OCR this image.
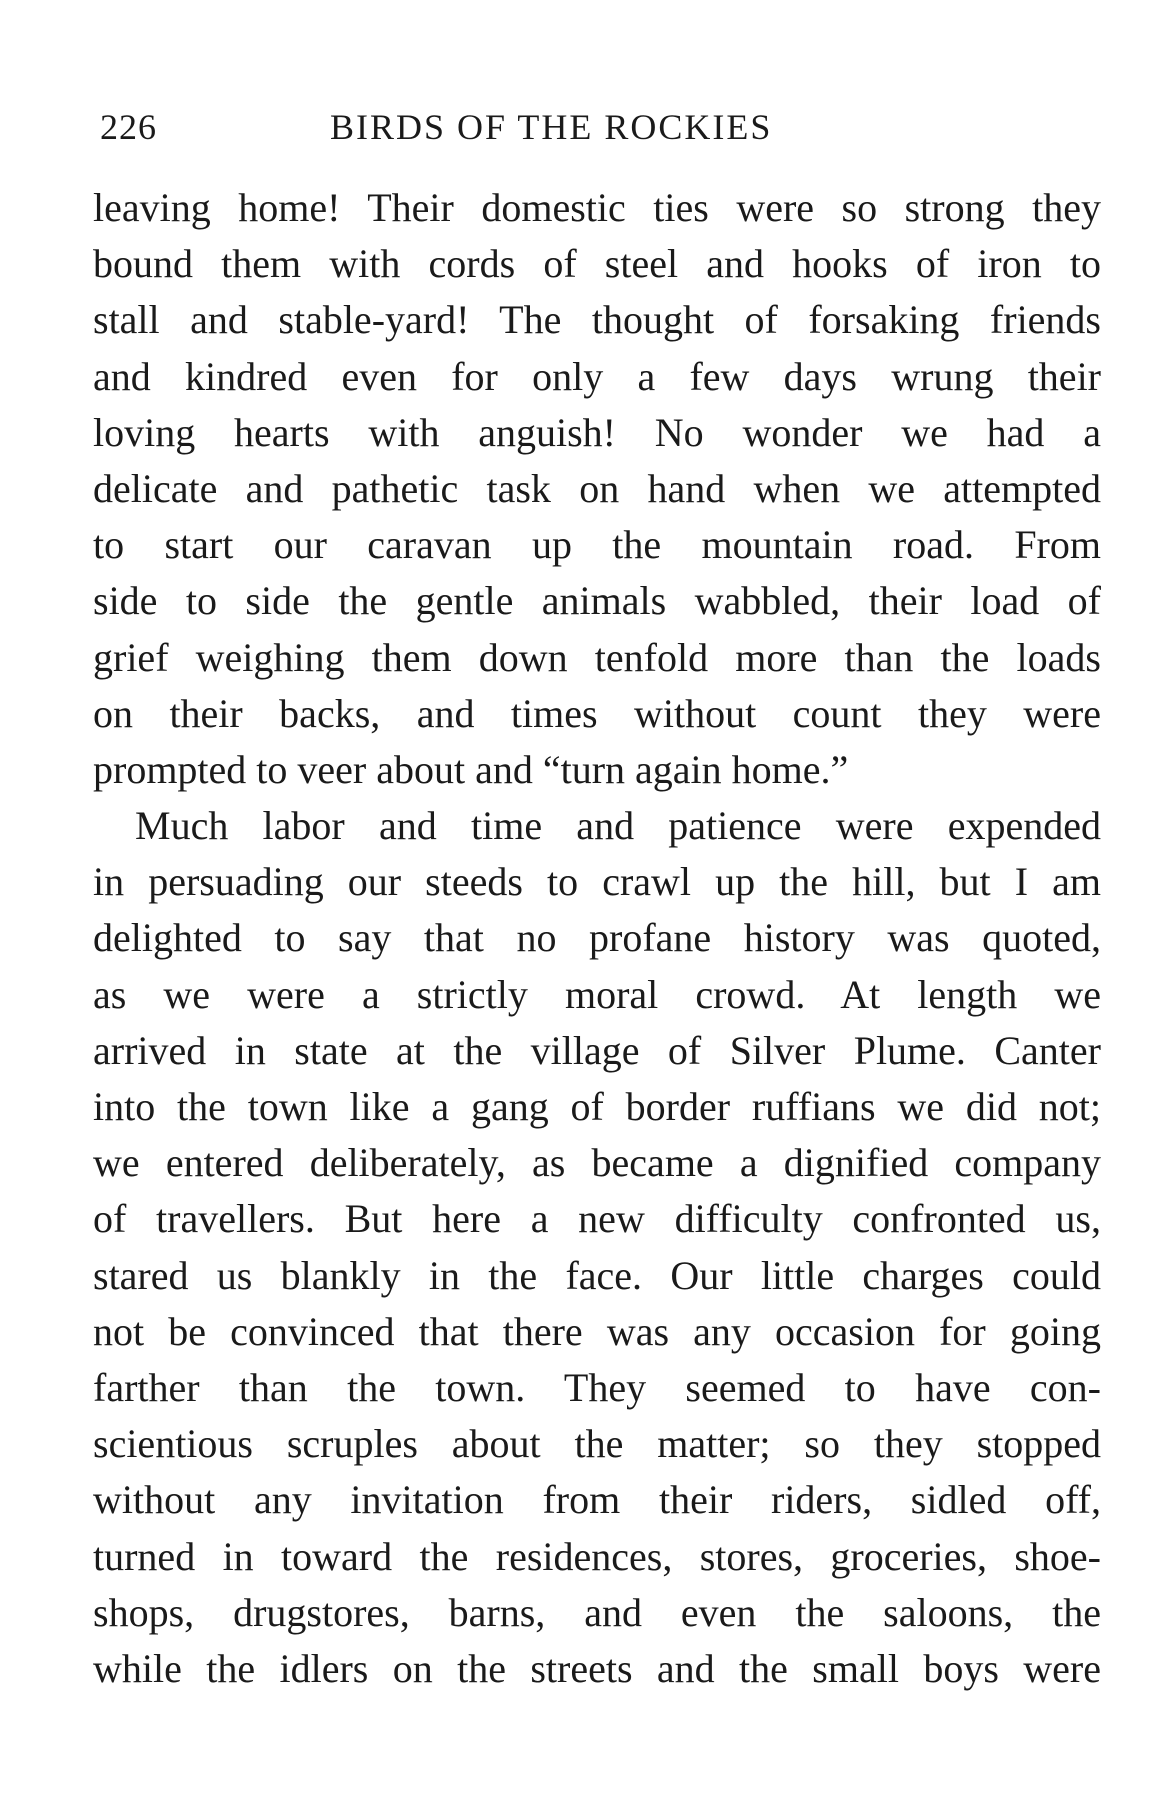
226	BIRDS OF THE ROCKIES
leaving home! Their domestic ties were so strong they
bound them with cords of steel and hooks of iron to
stall and stable-yard! The thought of forsaking friends
and kindred even for only a few days wrung their
loving hearts with anguish! No wonder we had a
delicate and pathetic task on hand when we attempted
to start our caravan up the mountain road. From
side to side the gentle animals wabbled, their load of
grief weighing them down tenfold more than the loads
on their backs, and times without count they were
prompted to veer about and “turn again home.”
Much labor and time and patience were expended
in persuading our steeds to crawl up the hill, but I am
delighted to say that no profane history was quoted,
as we were a strictly moral crowd. At length we
arrived in state at the village of Silver Plume. Canter
into the town like a gang of border ruffians we did not;
we entered deliberately, as became a dignified company
of travellers. But here a new difficulty confronted us,
stared us blankly in the face. Our little charges could
not be convinced that there was any occasion for going
farther than the town. They seemed to have con-
scientious scruples about the matter; so they stopped
without any invitation from their riders, sidled off,
turned in toward the residences, stores, groceries, shoe-
shops, drugstores, barns, and even the saloons, the
while the idlers on the streets and the small boys were
